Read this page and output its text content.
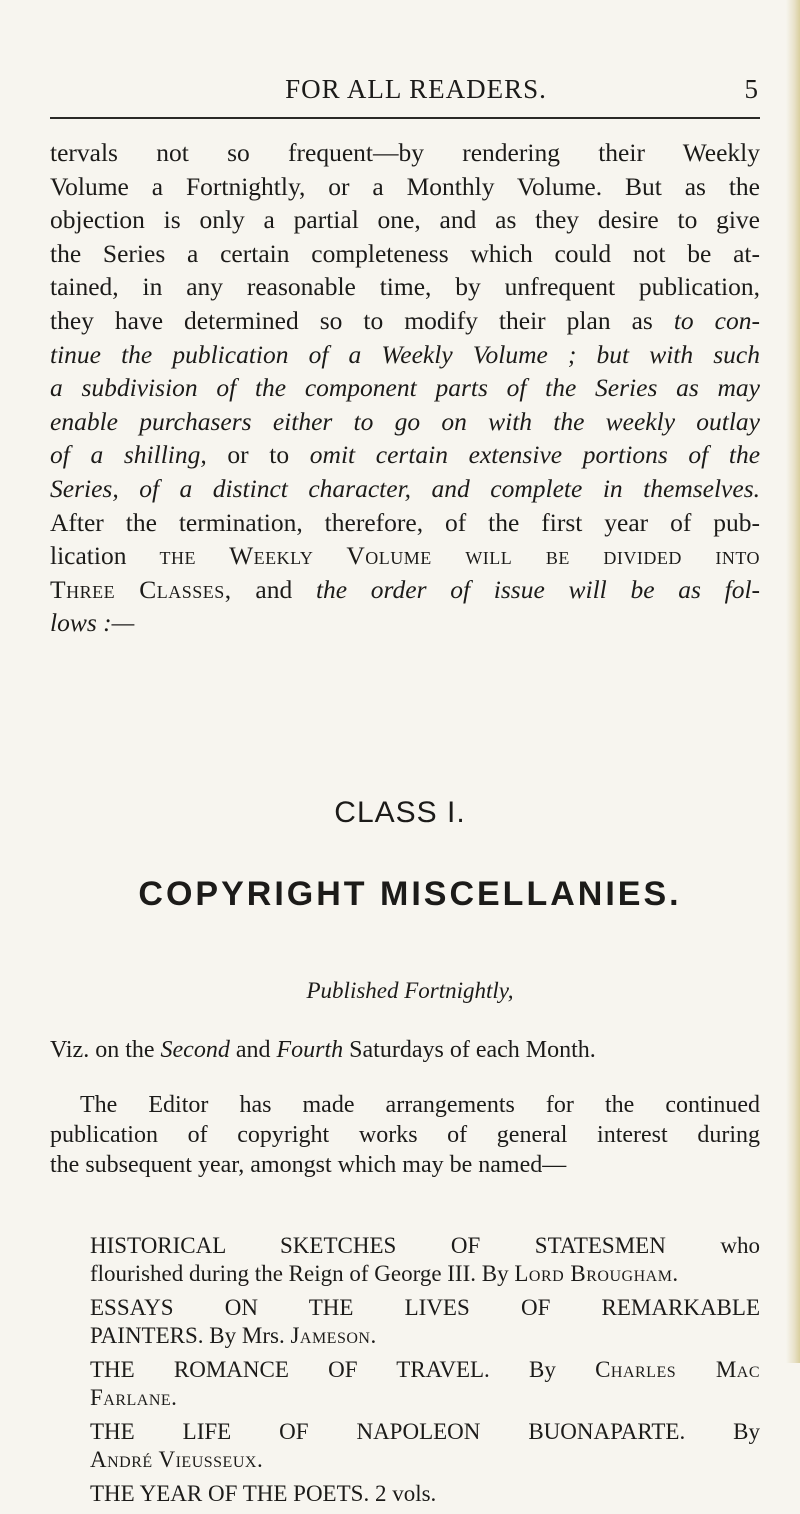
FOR ALL READERS.	5

tervals not so frequent—by rendering their Weekly
Volume a Fortnightly, or a Monthly Volume. But as the
objection is only a partial one, and as they desire to give
the Series a certain completeness which could not be at-
tained, in any reasonable time, by unfrequent publication,
they have determined so to modify their plan as to con-
tinue the publication of a Weekly Volume ; but with such
a subdivision of the component parts of the Series as may
enable purchasers either to go on with the weekly outlay
of a shilling, or to omit certain extensive portions of the
Series, of a distinct character, and complete in themselves.
After the termination, therefore, of the first year of pub-
lication the Weekly Volume will be divided into
Three Classes, and the order of issue will be as fol-
lows :—

CLASS I.
COPYRIGHT MISCELLANIES.
Published Fortnightly,
Viz. on the Second and Fourth Saturdays of each Month.

The Editor has made arrangements for the continued
publication of copyright works of general interest during
the subsequent year, amongst which may be named—

HISTORICAL SKETCHES OF STATESMEN who
flourished during the Reign of George III. By Lord Brougham.
ESSAYS ON THE LIVES OF REMARKABLE
PAINTERS. By Mrs. Jameson.
THE ROMANCE OF TRAVEL. By Charles Mac
Farlane.
THE LIFE OF NAPOLEON BUONAPARTE. By
André Vieusseux.
THE YEAR OF THE POETS. 2 vols.
